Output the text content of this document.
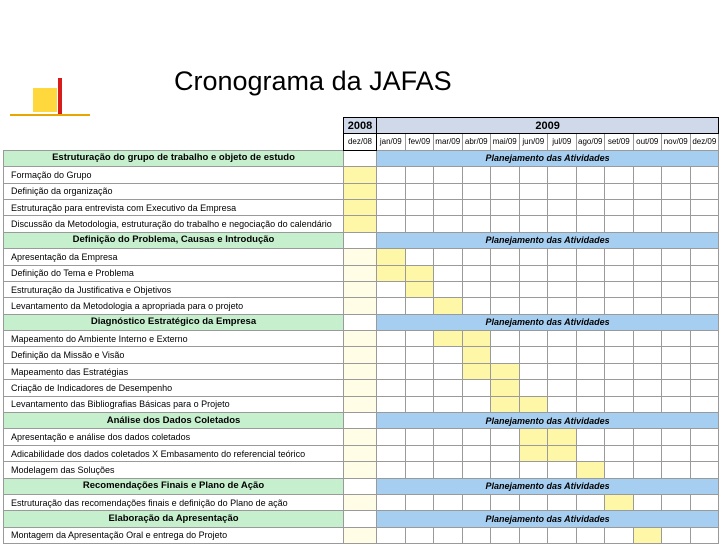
Cronograma da JAFAS
	2008	2009											
	dez/08	jan/09	fev/09	mar/09	abr/09	mai/09	jun/09	jul/09	ago/09	set/09	out/09	nov/09	dez/09
Estruturação do grupo de trabalho e objeto de estudo		Planejamento das Atividades											
Formação do Grupo													
Definição da organização													
Estruturação para entrevista com Executivo da Empresa													
Discussão da Metodologia, estruturação do trabalho e negociação do calendário													
Definição do Problema, Causas e Introdução		Planejamento das Atividades											
Apresentação da Empresa													
Definição do Tema e Problema													
Estruturação da Justificativa e Objetivos													
Levantamento da Metodologia a apropriada para o projeto													
Diagnóstico Estratégico da Empresa		Planejamento das Atividades											
Mapeamento do Ambiente Interno e Externo													
Definição da Missão e Visão													
Mapeamento das Estratégias													
Criação de Indicadores de Desempenho													
Levantamento das Bibliografias Básicas para o Projeto													
Análise dos Dados Coletados		Planejamento das Atividades											
Apresentação e análise dos dados coletados													
Adicabilidade dos dados coletados X Embasamento do referencial teórico													
Modelagem das Soluções													
Recomendações Finais e Plano de Ação		Planejamento das Atividades											
Estruturação das recomendações finais e definição do Plano de ação													
Elaboração da Apresentação		Planejamento das Atividades											
Montagem da Apresentação Oral e entrega do Projeto													
